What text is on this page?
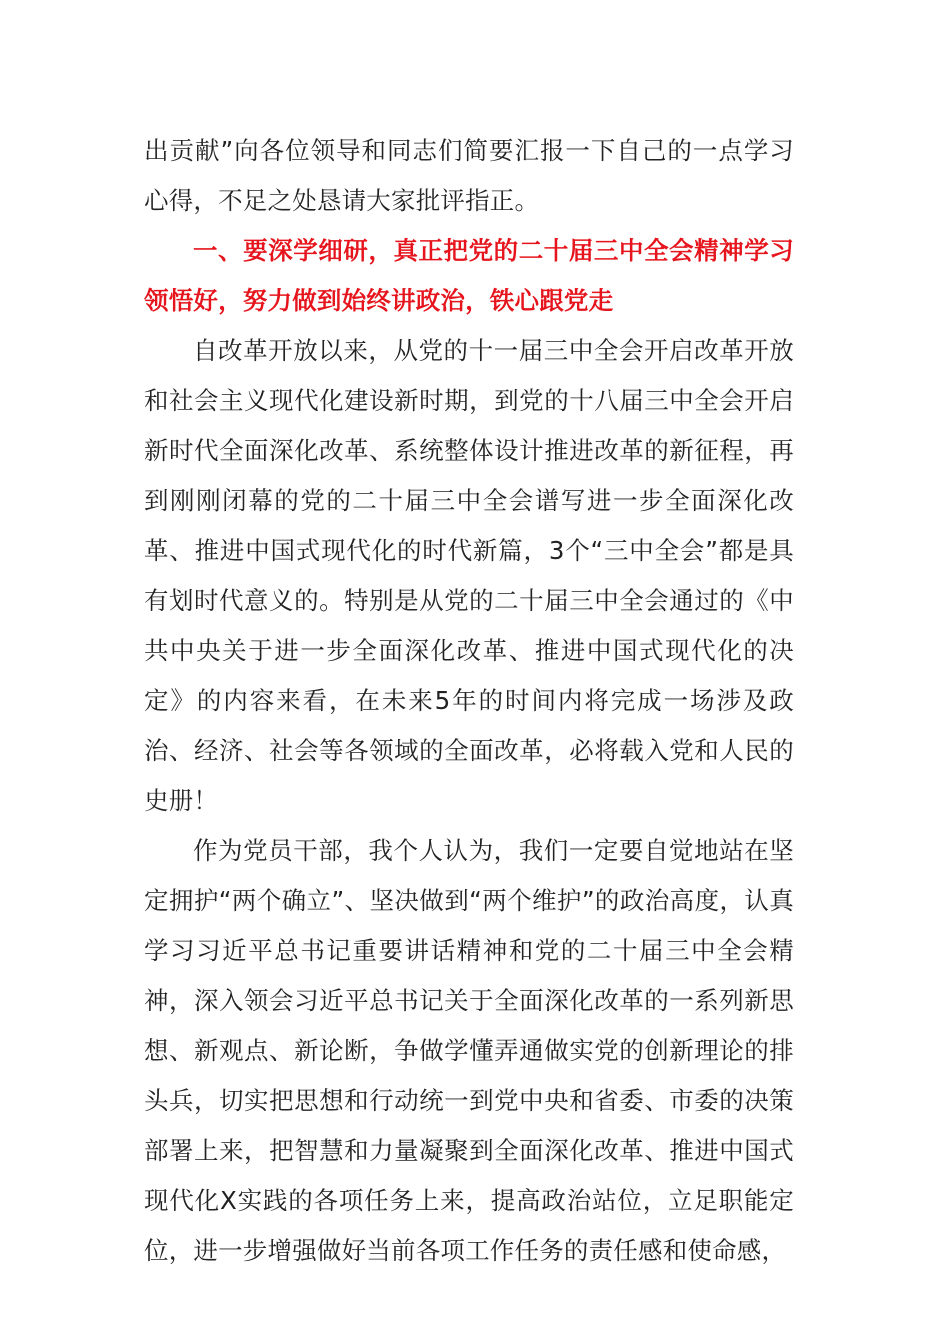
出贡献”向各位领导和同志们简要汇报一下自己的一点学习心得，不足之处恳请大家批评指正。

一、要深学细研，真正把党的二十届三中全会精神学习领悟好，努力做到始终讲政治，铁心跟党走

自改革开放以来，从党的十一届三中全会开启改革开放和社会主义现代化建设新时期，到党的十八届三中全会开启新时代全面深化改革、系统整体设计推进改革的新征程，再到刚刚闭幕的党的二十届三中全会谱写进一步全面深化改革、推进中国式现代化的时代新篇，3个“三中全会”都是具有划时代意义的。特别是从党的二十届三中全会通过的《中共中央关于进一步全面深化改革、推进中国式现代化的决定》的内容来看，在未来5年的时间内将完成一场涉及政治、经济、社会等各领域的全面改革，必将载入党和人民的史册！

作为党员干部，我个人认为，我们一定要自觉地站在坚定拥护“两个确立”、坚决做到“两个维护”的政治高度，认真学习习近平总书记重要讲话精神和党的二十届三中全会精神，深入领会习近平总书记关于全面深化改革的一系列新思想、新观点、新论断，争做学懂弄通做实党的创新理论的排头兵，切实把思想和行动统一到党中央和省委、市委的决策部署上来，把智慧和力量凝聚到全面深化改革、推进中国式现代化X实践的各项任务上来，提高政治站位，立足职能定位，进一步增强做好当前各项工作任务的责任感和使命感，
